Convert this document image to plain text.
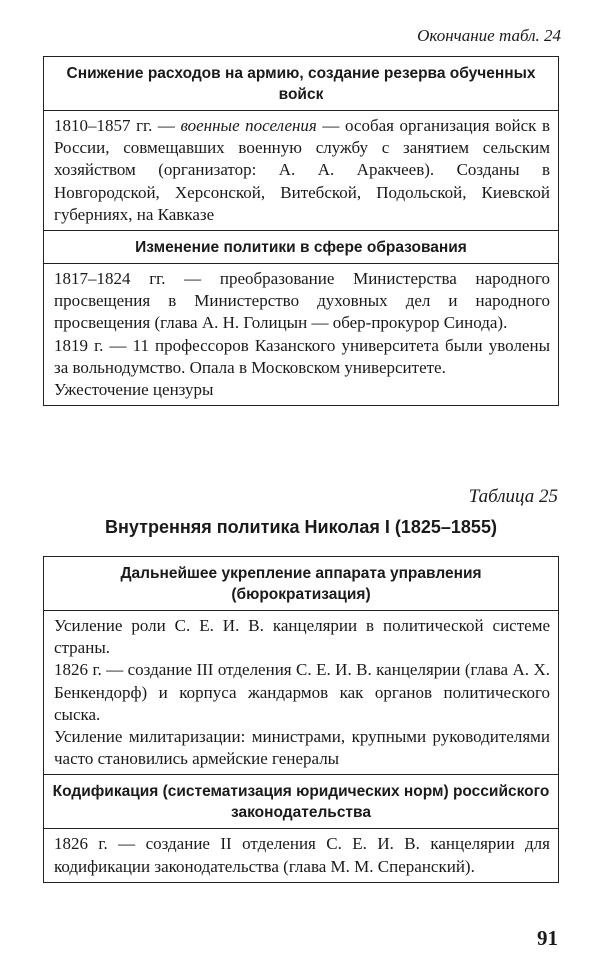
Окончание табл. 24
Снижение расходов на армию, создание резерва обученных войск

1810–1857 гг. — военные поселения — особая организация войск в России, совмещавших военную службу с занятием сельским хозяйством (организатор: А. А. Аракчеев). Созданы в Новгородской, Херсонской, Витебской, Подольской, Киевской губерниях, на Кавказе

Изменение политики в сфере образования

1817–1824 гг. — преобразование Министерства народного просвещения в Министерство духовных дел и народного просвещения (глава А. Н. Голицын — обер-прокурор Синода).

1819 г. — 11 профессоров Казанского университета были уволены за вольнодумство. Опала в Московском университете.

Ужесточение цензуры

Таблица 25
Внутренняя политика Николая I (1825–1855)
Дальнейшее укрепление аппарата управления (бюрократизация)

Усиление роли С. Е. И. В. канцелярии в политической системе страны.

1826 г. — создание III отделения С. Е. И. В. канцелярии (глава А. Х. Бенкендорф) и корпуса жандармов как органов политического сыска.

Усиление милитаризации: министрами, крупными руководителями часто становились армейские генералы

Кодификация (систематизация юридических норм) российского законодательства

1826 г. — создание II отделения С. Е. И. В. канцелярии для кодификации законодательства (глава М. М. Сперанский).

91
